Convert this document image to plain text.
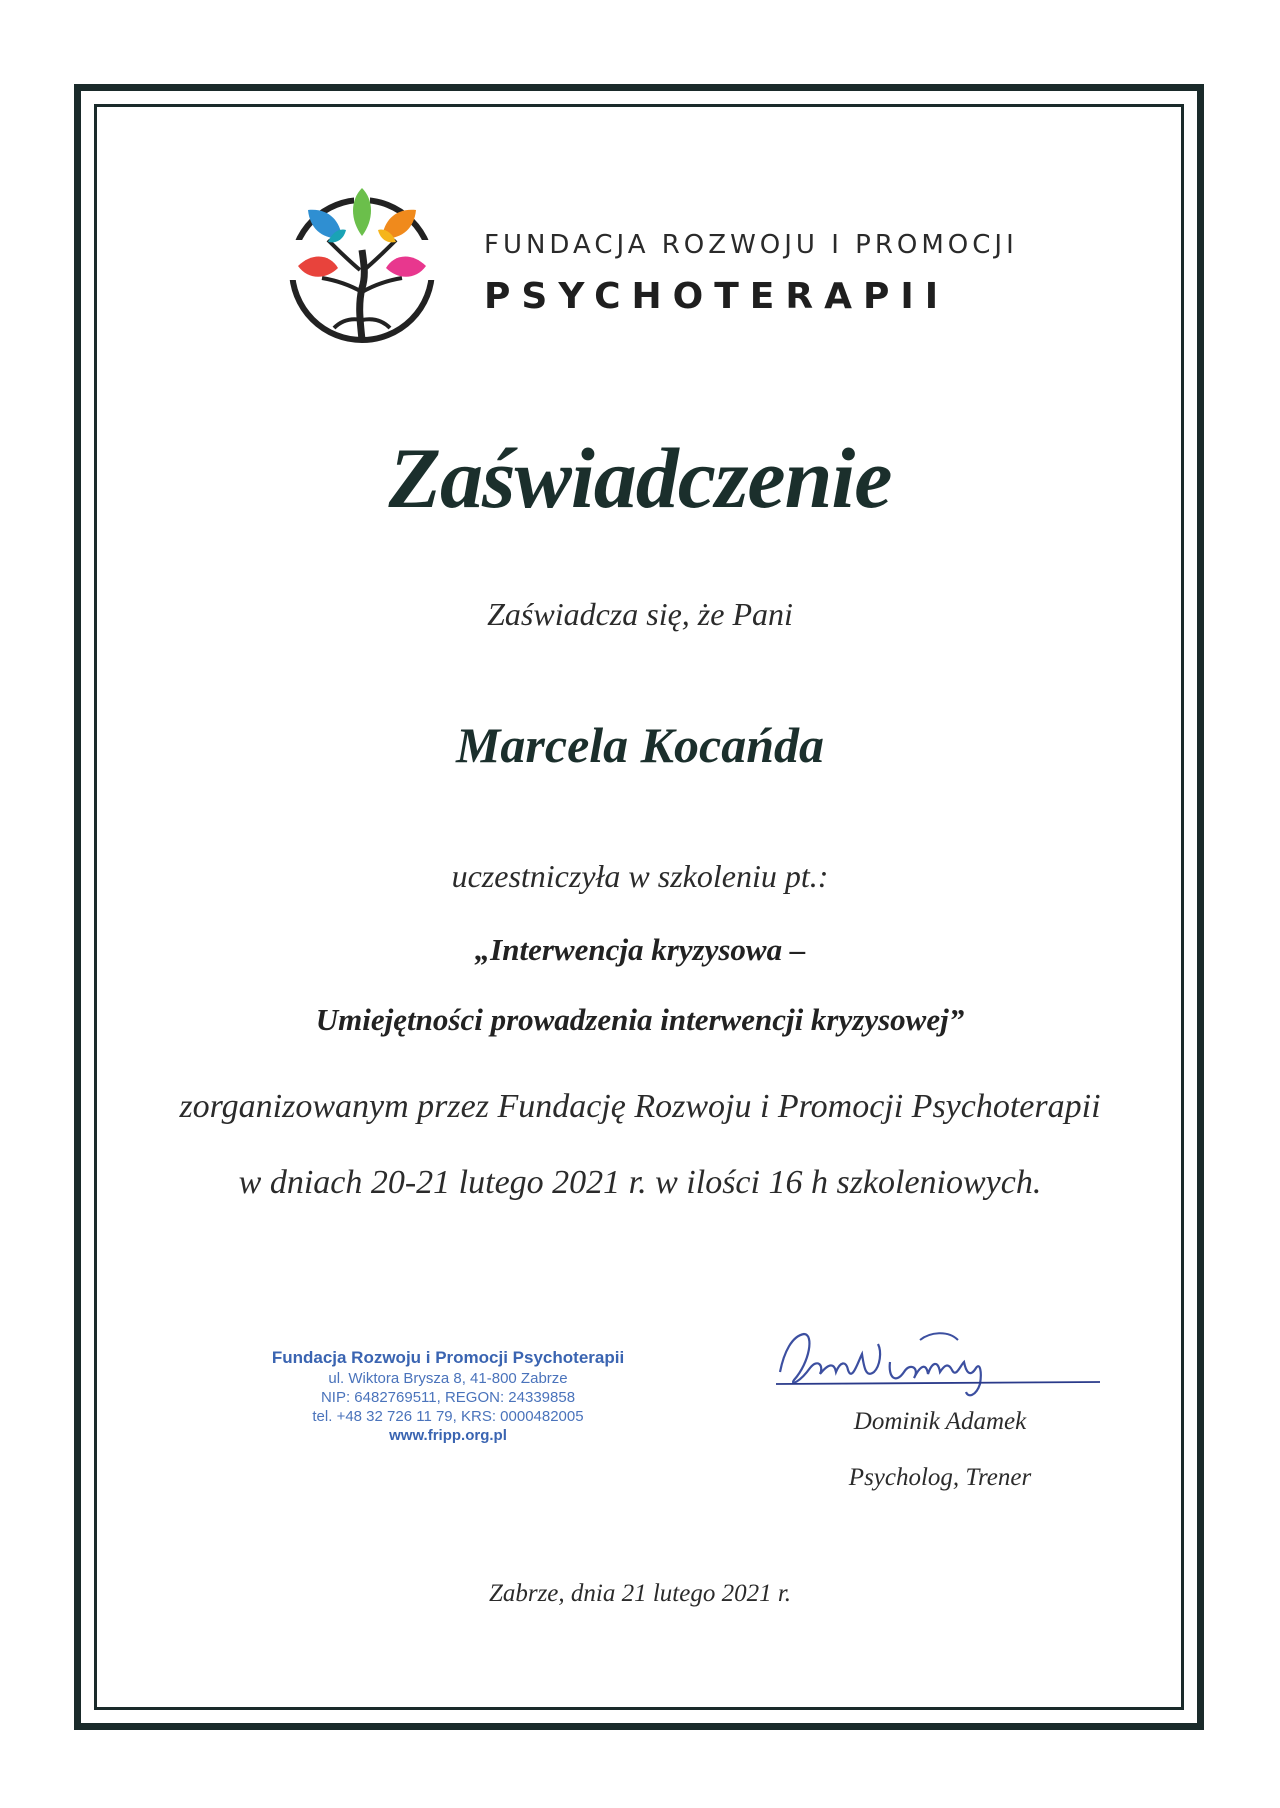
FUNDACJA ROZWOJU I PROMOCJI
PSYCHOTERAPII
Zaświadczenie
Zaświadcza się, że Pani
Marcela Kocańda
uczestniczyła w szkoleniu pt.:
„Interwencja kryzysowa –
Umiejętności prowadzenia interwencji kryzysowej”
zorganizowanym przez Fundację Rozwoju i Promocji Psychoterapii
w dniach 20-21 lutego 2021 r. w ilości 16 h szkoleniowych.
Fundacja Rozwoju i Promocji Psychoterapii
ul. Wiktora Brysza 8, 41-800 Zabrze
NIP: 6482769511, REGON: 24339858
tel. +48 32 726 11 79, KRS: 0000482005
www.fripp.org.pl
Dominik Adamek
Psycholog, Trener
Zabrze, dnia 21 lutego 2021 r.
